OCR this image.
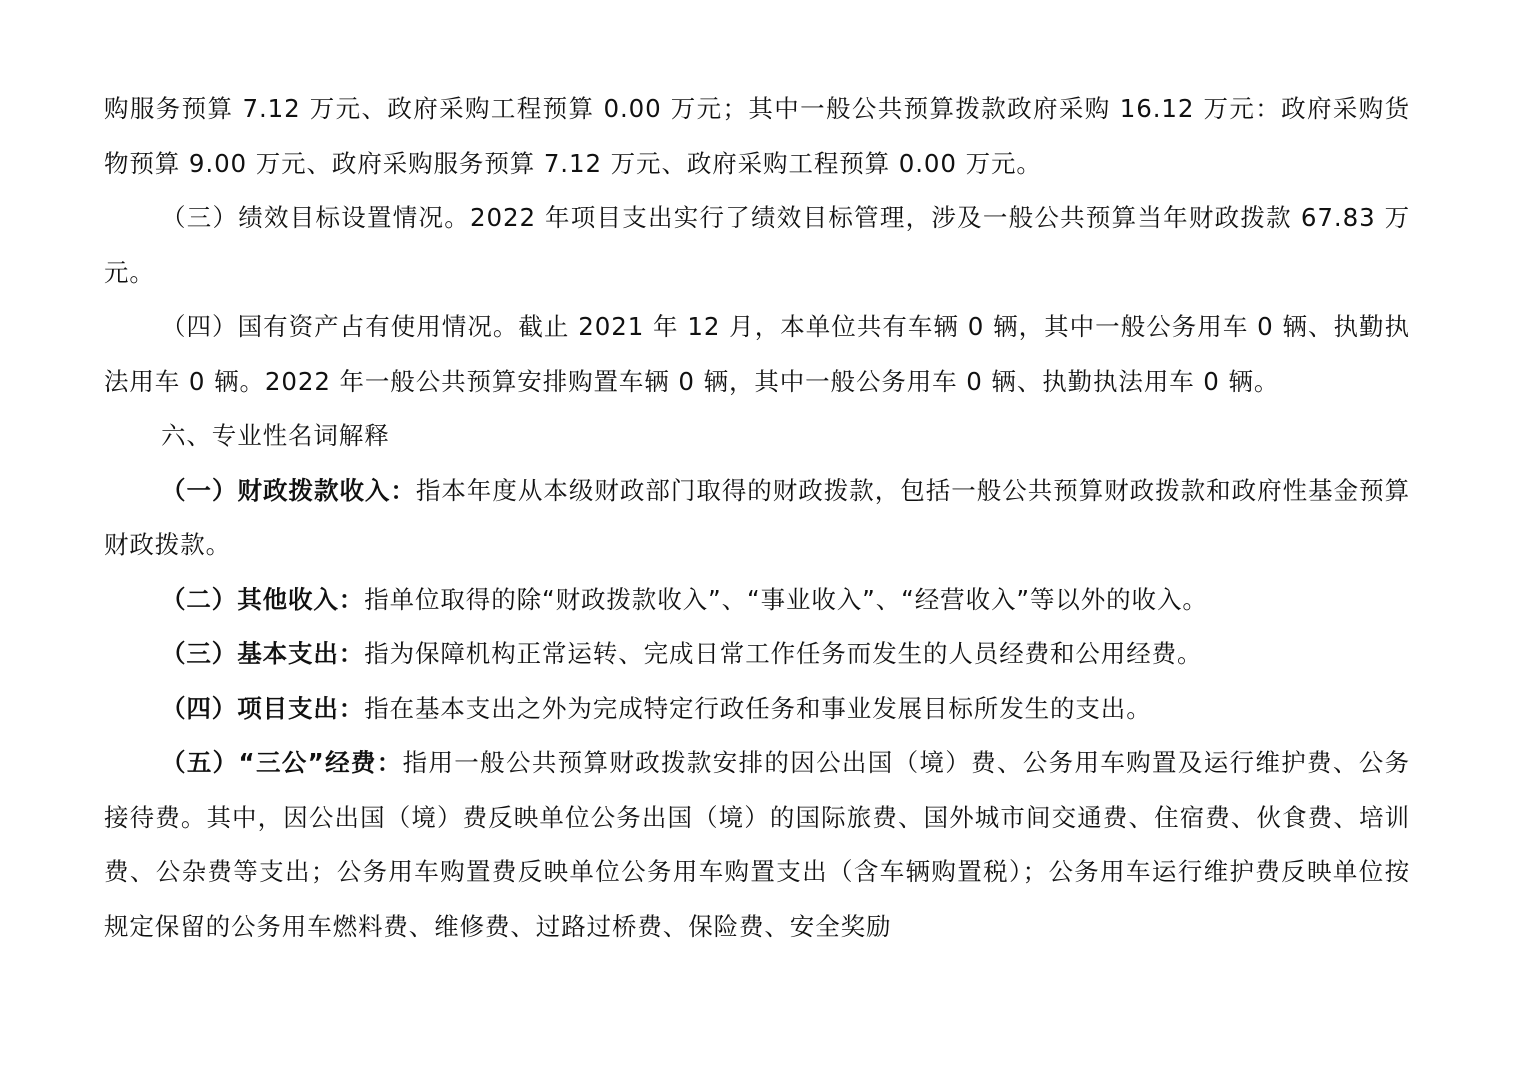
购服务预算 7.12 万元、政府采购工程预算 0.00 万元；其中一般公共预算拨款政府采购 16.12 万元：政府采购货物预算 9.00 万元、政府采购服务预算 7.12 万元、政府采购工程预算 0.00 万元。

（三）绩效目标设置情况。2022 年项目支出实行了绩效目标管理，涉及一般公共预算当年财政拨款 67.83 万元。

（四）国有资产占有使用情况。截止 2021 年 12 月，本单位共有车辆 0 辆，其中一般公务用车 0 辆、执勤执法用车 0 辆。2022 年一般公共预算安排购置车辆 0 辆，其中一般公务用车 0 辆、执勤执法用车 0 辆。

六、专业性名词解释

（一）财政拨款收入：指本年度从本级财政部门取得的财政拨款，包括一般公共预算财政拨款和政府性基金预算财政拨款。

（二）其他收入：指单位取得的除“财政拨款收入”、“事业收入”、“经营收入”等以外的收入。

（三）基本支出：指为保障机构正常运转、完成日常工作任务而发生的人员经费和公用经费。

（四）项目支出：指在基本支出之外为完成特定行政任务和事业发展目标所发生的支出。

（五）“三公”经费：指用一般公共预算财政拨款安排的因公出国（境）费、公务用车购置及运行维护费、公务接待费。其中，因公出国（境）费反映单位公务出国（境）的国际旅费、国外城市间交通费、住宿费、伙食费、培训费、公杂费等支出；公务用车购置费反映单位公务用车购置支出（含车辆购置税）；公务用车运行维护费反映单位按规定保留的公务用车燃料费、维修费、过路过桥费、保险费、安全奖励
